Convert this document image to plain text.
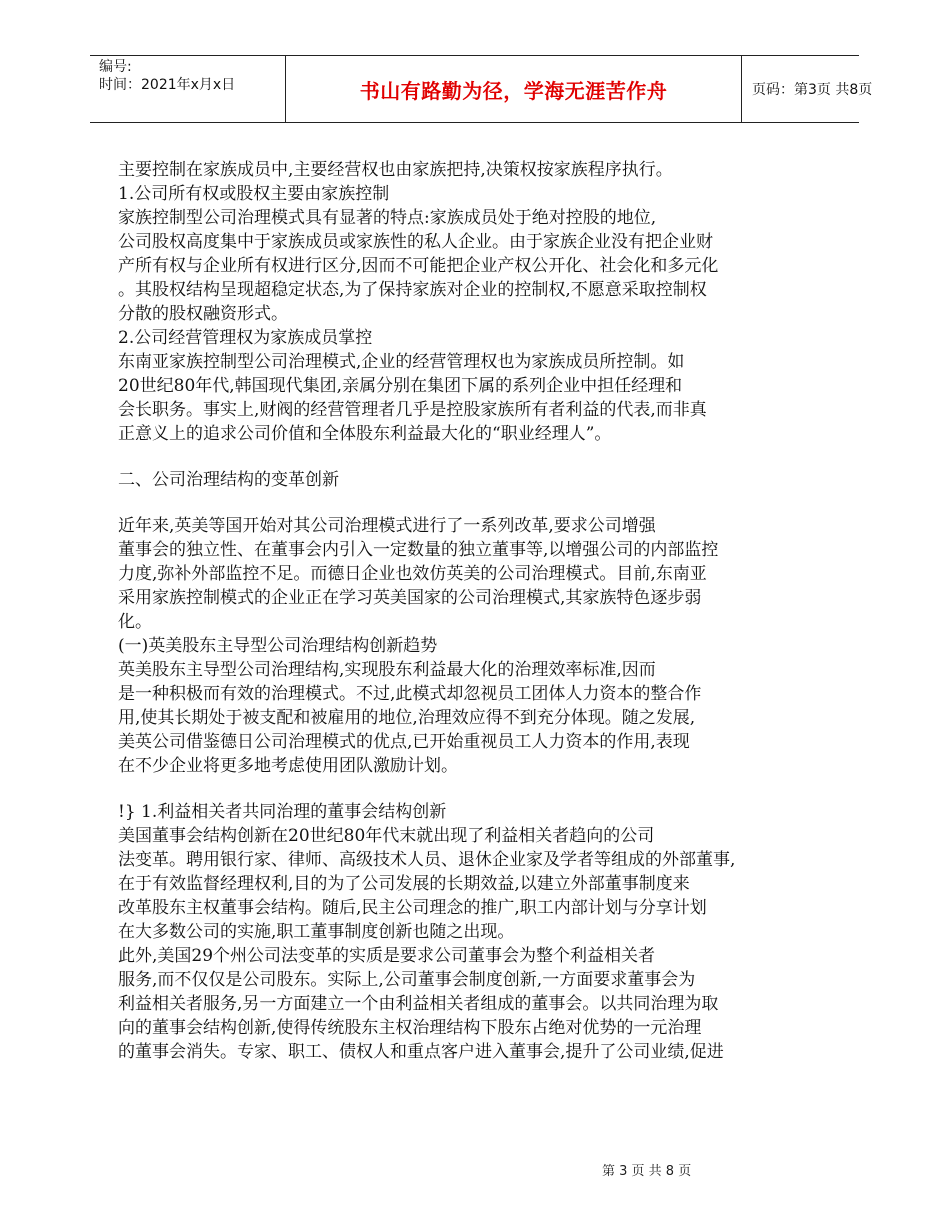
编号:
时间：2021年x月x日	书山有路勤为径，学海无涯苦作舟	页码：第3页 共8页
主要控制在家族成员中,主要经营权也由家族把持,决策权按家族程序执行。
1.公司所有权或股权主要由家族控制
家族控制型公司治理模式具有显著的特点:家族成员处于绝对控股的地位,
公司股权高度集中于家族成员或家族性的私人企业。由于家族企业没有把企业财
产所有权与企业所有权进行区分,因而不可能把企业产权公开化、社会化和多元化
。其股权结构呈现超稳定状态,为了保持家族对企业的控制权,不愿意采取控制权
分散的股权融资形式。
2.公司经营管理权为家族成员掌控
东南亚家族控制型公司治理模式,企业的经营管理权也为家族成员所控制。如
20世纪80年代,韩国现代集团,亲属分别在集团下属的系列企业中担任经理和
会长职务。事实上,财阀的经营管理者几乎是控股家族所有者利益的代表,而非真
正意义上的追求公司价值和全体股东利益最大化的“职业经理人”。
二、公司治理结构的变革创新
近年来,英美等国开始对其公司治理模式进行了一系列改革,要求公司增强
董事会的独立性、在董事会内引入一定数量的独立董事等,以增强公司的内部监控
力度,弥补外部监控不足。而德日企业也效仿英美的公司治理模式。目前,东南亚
采用家族控制模式的企业正在学习英美国家的公司治理模式,其家族特色逐步弱
化。
(一)英美股东主导型公司治理结构创新趋势
英美股东主导型公司治理结构,实现股东利益最大化的治理效率标准,因而
是一种积极而有效的治理模式。不过,此模式却忽视员工团体人力资本的整合作
用,使其长期处于被支配和被雇用的地位,治理效应得不到充分体现。随之发展,
美英公司借鉴德日公司治理模式的优点,已开始重视员工人力资本的作用,表现
在不少企业将更多地考虑使用团队激励计划。
!} 1.利益相关者共同治理的董事会结构创新
美国董事会结构创新在20世纪80年代末就出现了利益相关者趋向的公司
法变革。聘用银行家、律师、高级技术人员、退休企业家及学者等组成的外部董事,
在于有效监督经理权利,目的为了公司发展的长期效益,以建立外部董事制度来
改革股东主权董事会结构。随后,民主公司理念的推广,职工内部计划与分享计划
在大多数公司的实施,职工董事制度创新也随之出现。
此外,美国29个州公司法变革的实质是要求公司董事会为整个利益相关者
服务,而不仅仅是公司股东。实际上,公司董事会制度创新,一方面要求董事会为
利益相关者服务,另一方面建立一个由利益相关者组成的董事会。以共同治理为取
向的董事会结构创新,使得传统股东主权治理结构下股东占绝对优势的一元治理
的董事会消失。专家、职工、债权人和重点客户进入董事会,提升了公司业绩,促进
第 3 页 共 8 页
